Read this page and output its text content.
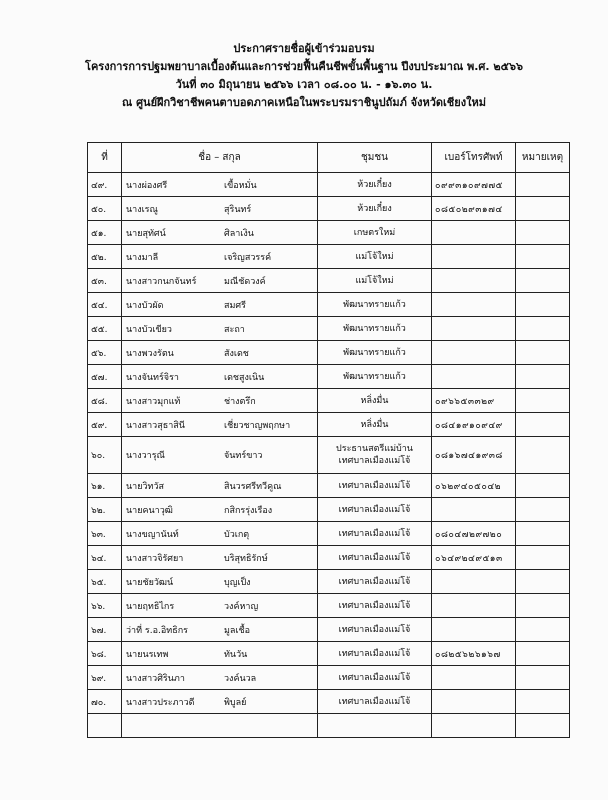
ประกาศรายชื่อผู้เข้าร่วมอบรม
โครงการการปฐมพยาบาลเบื้องต้นและการช่วยฟื้นคืนชีพขั้นพื้นฐาน ปีงบประมาณ พ.ศ. ๒๕๖๖
วันที่ ๓๐ มิถุนายน ๒๕๖๖ เวลา ๐๘.๐๐ น. - ๑๖.๓๐ น.
ณ ศูนย์ฝึกวิชาชีพคนตาบอดภาคเหนือในพระบรมราชินูปถัมภ์ จังหวัดเชียงใหม่
ที่	ชื่อ – สกุล	ชุมชน	เบอร์โทรศัพท์	หมายเหตุ
๔๙.	นางผ่องศรี เขื้อหมั่น	ห้วยเกี๋ยง	๐๙๙๓๑๐๙๗๗๕	
๕๐.	นางเรณู สุรินทร์	ห้วยเกี๋ยง	๐๘๕๐๒๙๓๑๗๔	
๕๑.	นายสุทัศน์ ศิลาเงิน	เกษตรใหม่		

๕๒.	นางมาลี เจริญสวรรค์	แม่โจ้ใหม่		

๕๓.	นางสาวกนกจันทร์ มณีชัดวงค์	แม่โจ้ใหม่		

๕๔.	นางบัวผัด สมศรี	พัฒนาทรายแก้ว		

๕๕.	นางบัวเขียว สะถา	พัฒนาทรายแก้ว		

๕๖.	นางพวงรัตน สังเดช	พัฒนาทรายแก้ว		

๕๗.	นางจันทร์จิรา เดชสูงเนิน	พัฒนาทรายแก้ว		

๕๘.	นางสาวมุกแท้ ช่างตรึก	หลิ่งมื่น	๐๙๖๖๕๓๓๒๙	
๕๙.	นางสาวสุธาสินี เชี่ยวชาญพฤกษา	หลิ่งมื่น	๐๘๔๑๙๑๐๙๔๙	
๖๐.	นางวารุณี จันทร์ขาว	ประธานสตรีแม่บ้าน
เทศบาลเมืองแม่โจ้	๐๘๑๖๗๔๑๙๓๘	
๖๑.	นายวิทวัส สินวรศรีทวีคูณ	เทศบาลเมืองแม่โจ้	๐๖๒๙๔๐๕๐๔๒	
๖๒.	นายคนาวุฒิ กสิกรรุ่งเรือง	เทศบาลเมืองแม่โจ้		

๖๓.	นางขญานันท์ บัวเกตุ	เทศบาลเมืองแม่โจ้	๐๘๐๔๗๒๙๗๒๐	
๖๔.	นางสาวจิรัศยา บริสุทธิรักษ์	เทศบาลเมืองแม่โจ้	๐๖๔๙๒๔๙๕๑๓	
๖๕.	นายชัยวัฒน์ บุญเป็ง	เทศบาลเมืองแม่โจ้		

๖๖.	นายฤทธิไกร วงค์หาญ	เทศบาลเมืองแม่โจ้		

๖๗.	ว่าที่ ร.อ.อิทธิกร มูลเชื้อ	เทศบาลเมืองแม่โจ้		

๖๘.	นายนรเทพ ทันวัน	เทศบาลเมืองแม่โจ้	๐๘๒๕๖๒๖๑๖๗	
๖๙.	นางสาวศิรินภา วงค์นวล	เทศบาลเมืองแม่โจ้		

๗๐.	นางสาวประภาวดี พิบูลย์	เทศบาลเมืองแม่โจ้		
